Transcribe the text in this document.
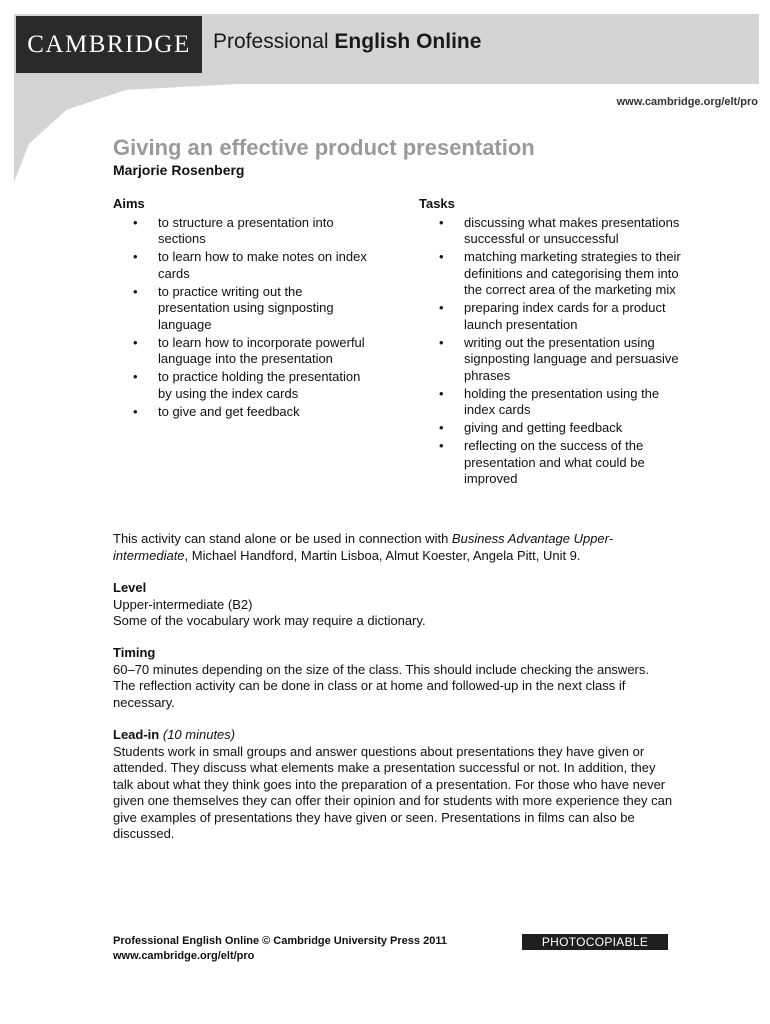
CAMBRIDGE Professional English Online
www.cambridge.org/elt/pro
Giving an effective product presentation
Marjorie Rosenberg
Aims
• to structure a presentation into sections
• to learn how to make notes on index cards
• to practice writing out the presentation using signposting language
• to learn how to incorporate powerful language into the presentation
• to practice holding the presentation by using the index cards
• to give and get feedback
Tasks
• discussing what makes presentations successful or unsuccessful
• matching marketing strategies to their definitions and categorising them into the correct area of the marketing mix
• preparing index cards for a product launch presentation
• writing out the presentation using signposting language and persuasive phrases
• holding the presentation using the index cards
• giving and getting feedback
• reflecting on the success of the presentation and what could be improved
This activity can stand alone or be used in connection with Business Advantage Upper-intermediate, Michael Handford, Martin Lisboa, Almut Koester, Angela Pitt, Unit 9.
Level
Upper-intermediate (B2)
Some of the vocabulary work may require a dictionary.
Timing
60–70 minutes depending on the size of the class. This should include checking the answers. The reflection activity can be done in class or at home and followed-up in the next class if necessary.
Lead-in (10 minutes)
Students work in small groups and answer questions about presentations they have given or attended. They discuss what elements make a presentation successful or not. In addition, they talk about what they think goes into the preparation of a presentation. For those who have never given one themselves they can offer their opinion and for students with more experience they can give examples of presentations they have given or seen. Presentations in films can also be discussed.
Professional English Online © Cambridge University Press 2011
www.cambridge.org/elt/pro
PHOTOCOPIABLE
